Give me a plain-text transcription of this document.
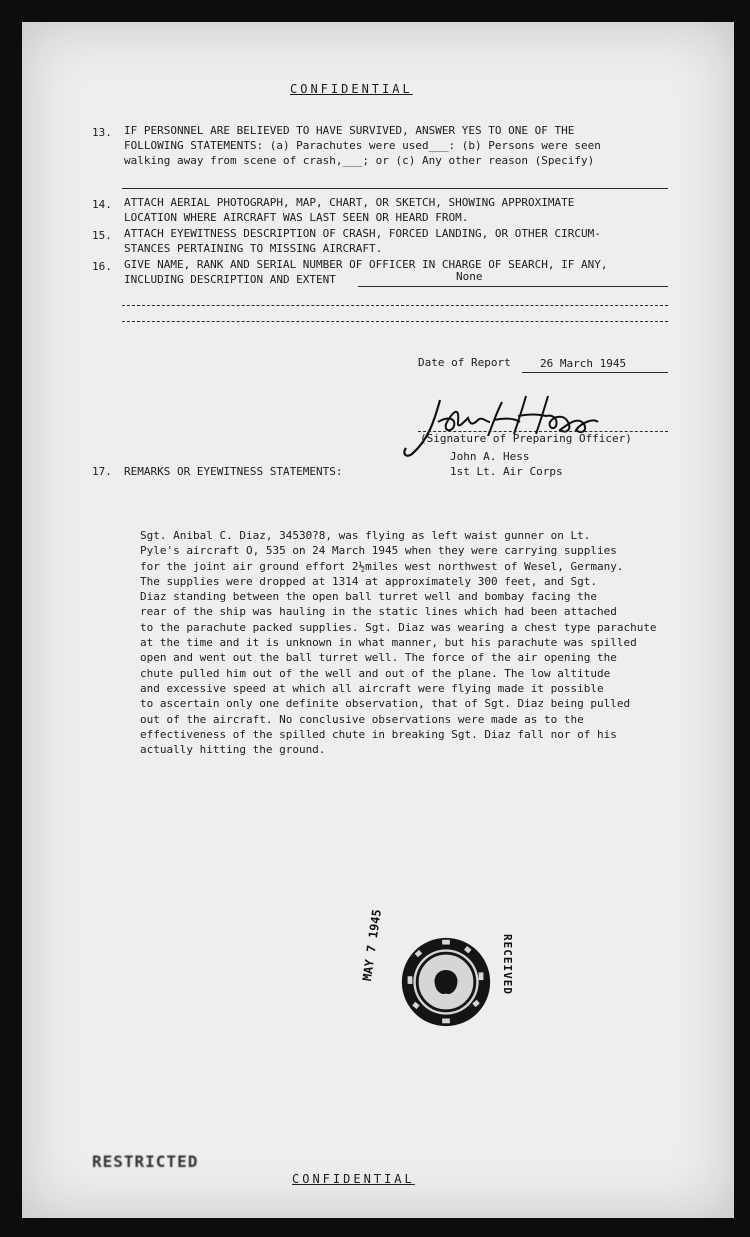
CONFIDENTIAL
13.	IF PERSONNEL ARE BELIEVED TO HAVE SURVIVED, ANSWER YES TO ONE OF THE
FOLLOWING STATEMENTS: (a) Parachutes were used___: (b) Persons were seen
walking away from scene of crash,___; or (c) Any other reason (Specify)
14.	ATTACH AERIAL PHOTOGRAPH, MAP, CHART, OR SKETCH, SHOWING APPROXIMATE
LOCATION WHERE AIRCRAFT WAS LAST SEEN OR HEARD FROM.
15.	ATTACH EYEWITNESS DESCRIPTION OF CRASH, FORCED LANDING, OR OTHER CIRCUM-
STANCES PERTAINING TO MISSING AIRCRAFT.
16.	GIVE NAME, RANK AND SERIAL NUMBER OF OFFICER IN CHARGE OF SEARCH, IF ANY,
INCLUDING DESCRIPTION AND EXTENT	None
Date of Report	26 March 1945
(Signature of Preparing Officer)
John A. Hess
1st Lt. Air Corps
17.	REMARKS OR EYEWITNESS STATEMENTS:
Sgt. Anibal C. Diaz, 34530?8, was flying as left waist gunner on Lt.
Pyle's aircraft O, 535 on 24 March 1945 when they were carrying supplies
for the joint air ground effort 2½miles west northwest of Wesel, Germany.
The supplies were dropped at 1314 at approximately 300 feet, and Sgt.
Diaz standing between the open ball turret well and bombay facing the
rear of the ship was hauling in the static lines which had been attached
to the parachute packed supplies. Sgt. Diaz was wearing a chest type parachute
at the time and it is unknown in what manner, but his parachute was spilled
open and went out the ball turret well. The force of the air opening the
chute pulled him out of the well and out of the plane. The low altitude
and excessive speed at which all aircraft were flying made it possible
to ascertain only one definite observation, that of Sgt. Diaz being pulled
out of the aircraft. No conclusive observations were made as to the
effectiveness of the spilled chute in breaking Sgt. Diaz fall nor of his
actually hitting the ground.
MAY 7 1945	RECEIVED
RESTRICTED
CONFIDENTIAL
